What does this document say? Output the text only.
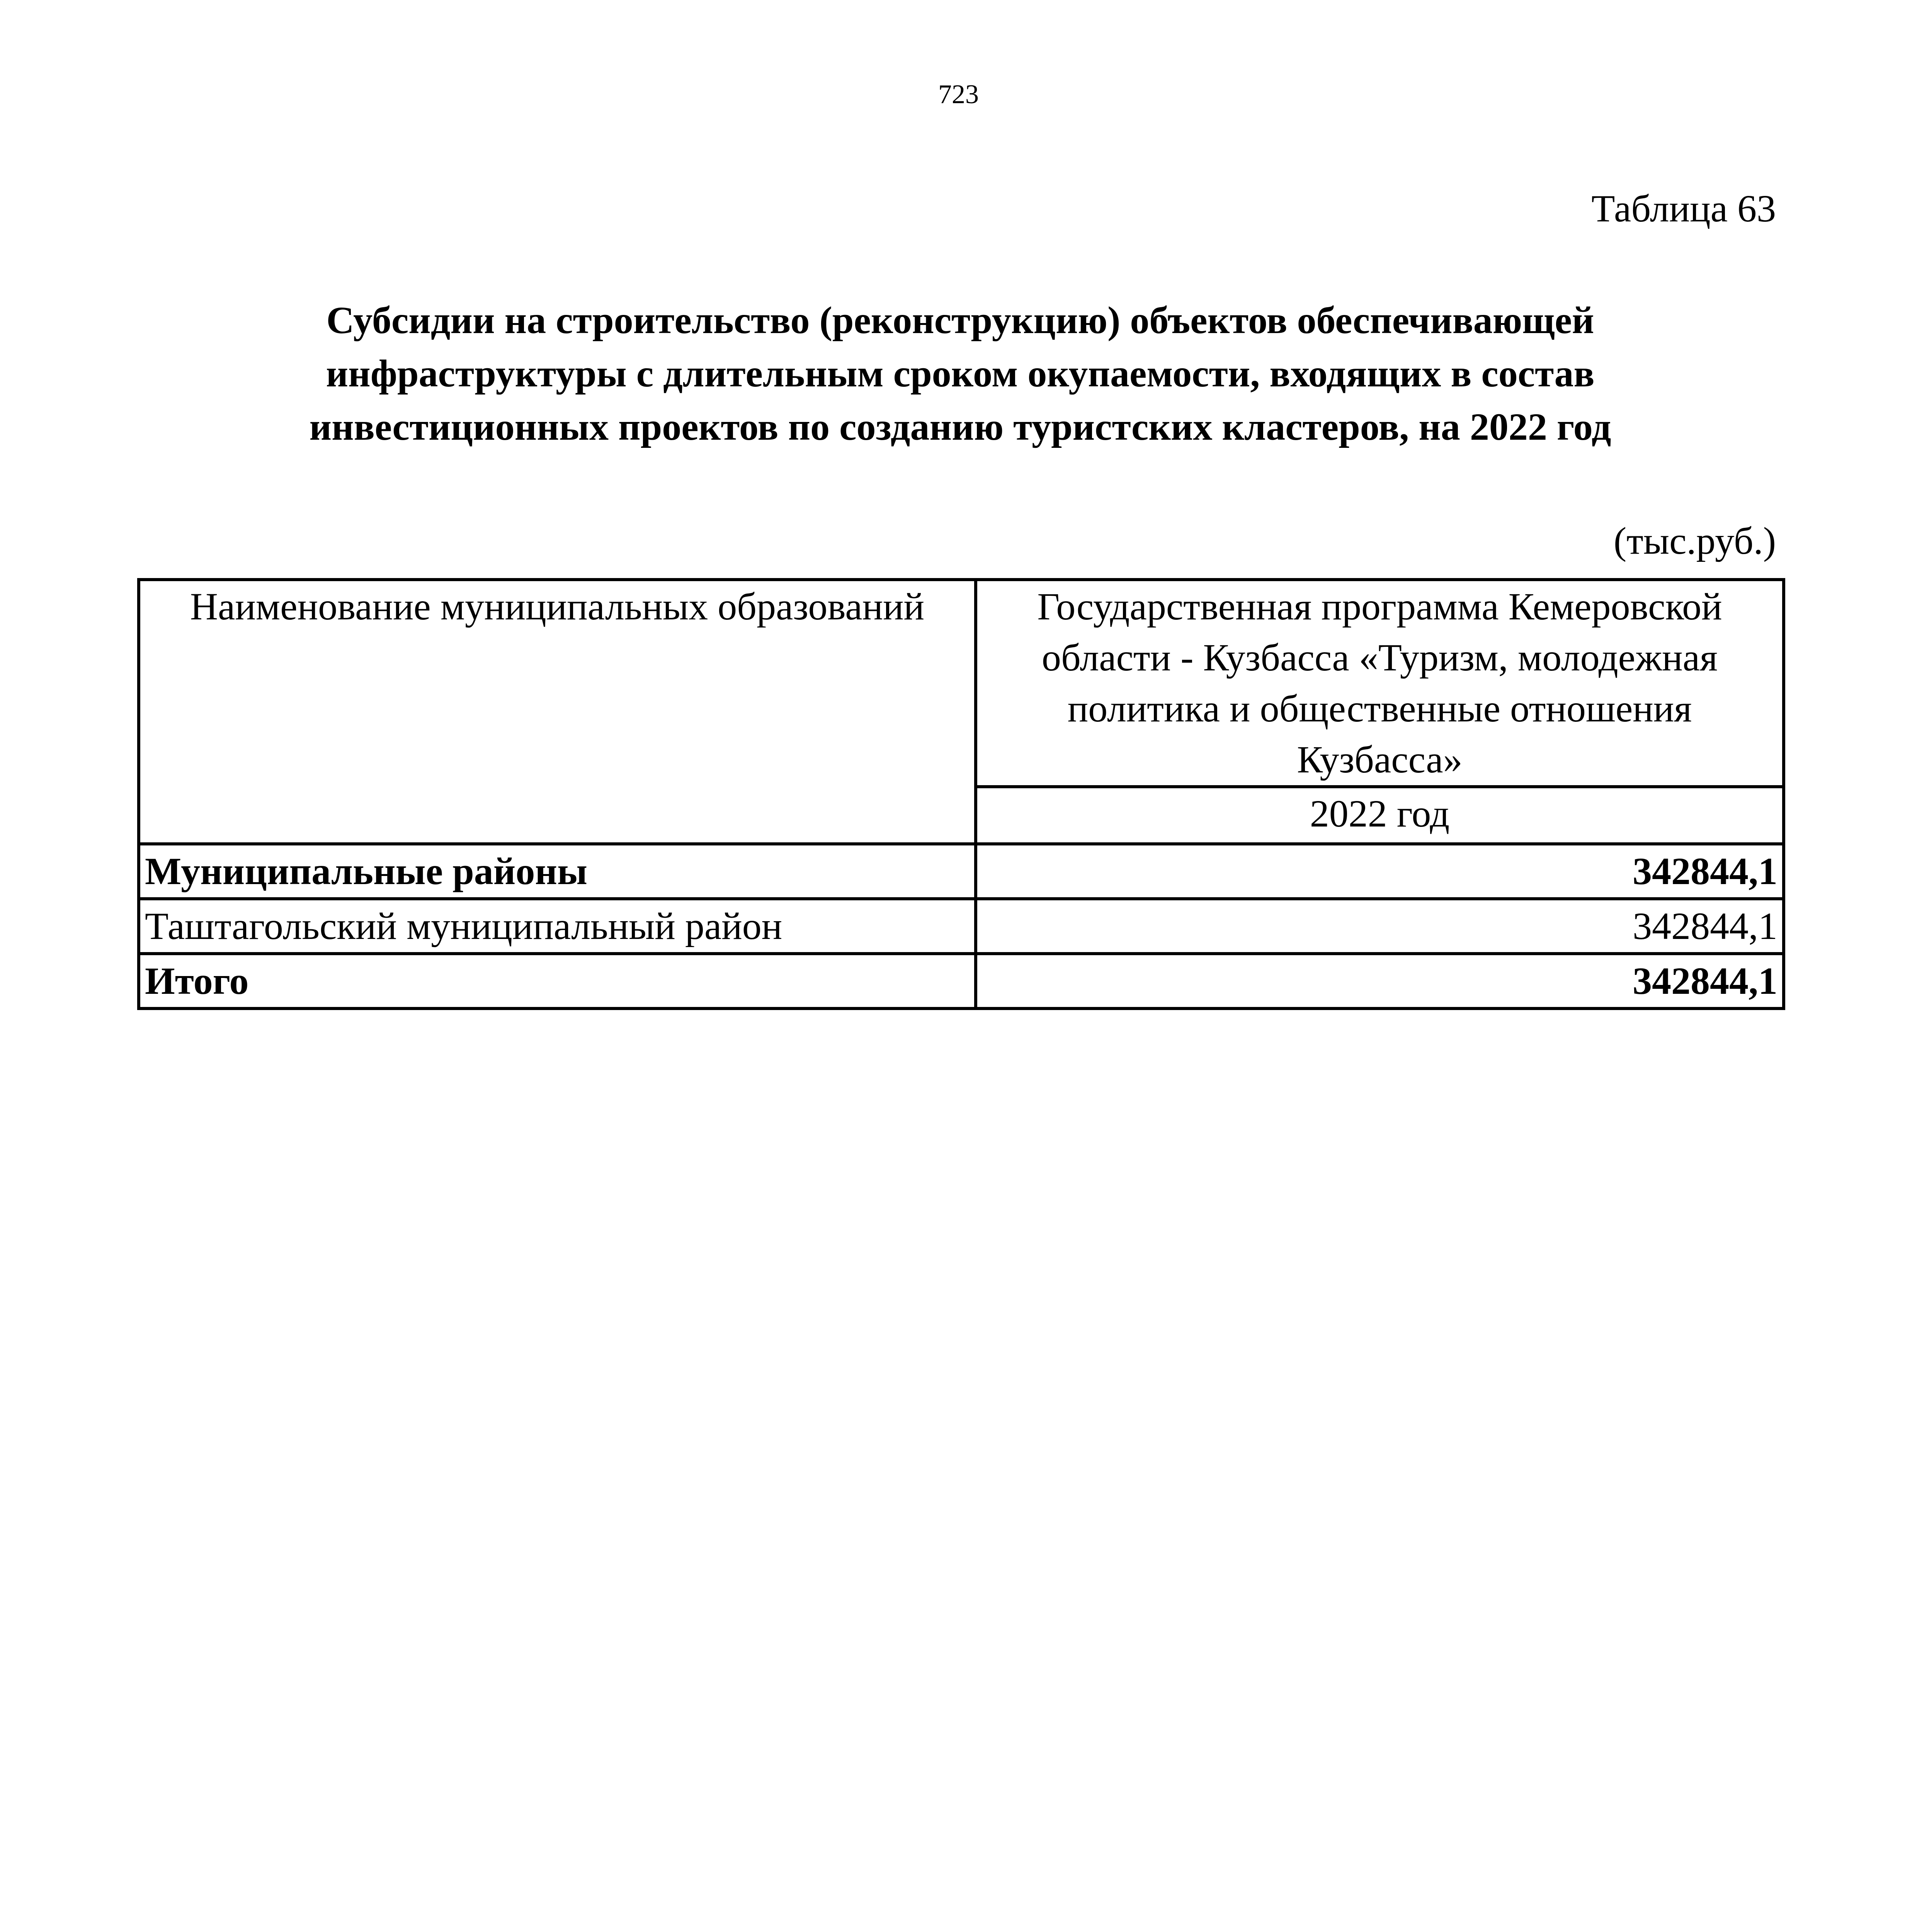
723
Таблица 63
Субсидии на строительство (реконструкцию) объектов обеспечивающей инфраструктуры с длительным сроком окупаемости, входящих в состав инвестиционных проектов по созданию туристских кластеров, на 2022 год
(тыс.руб.)
Наименование муниципальных образований	Государственная программа Кемеровской области - Кузбасса «Туризм, молодежная политика и общественные отношения Кузбасса»
	2022 год
Муниципальные районы	342844,1
Таштагольский муниципальный район	342844,1
Итого	342844,1
